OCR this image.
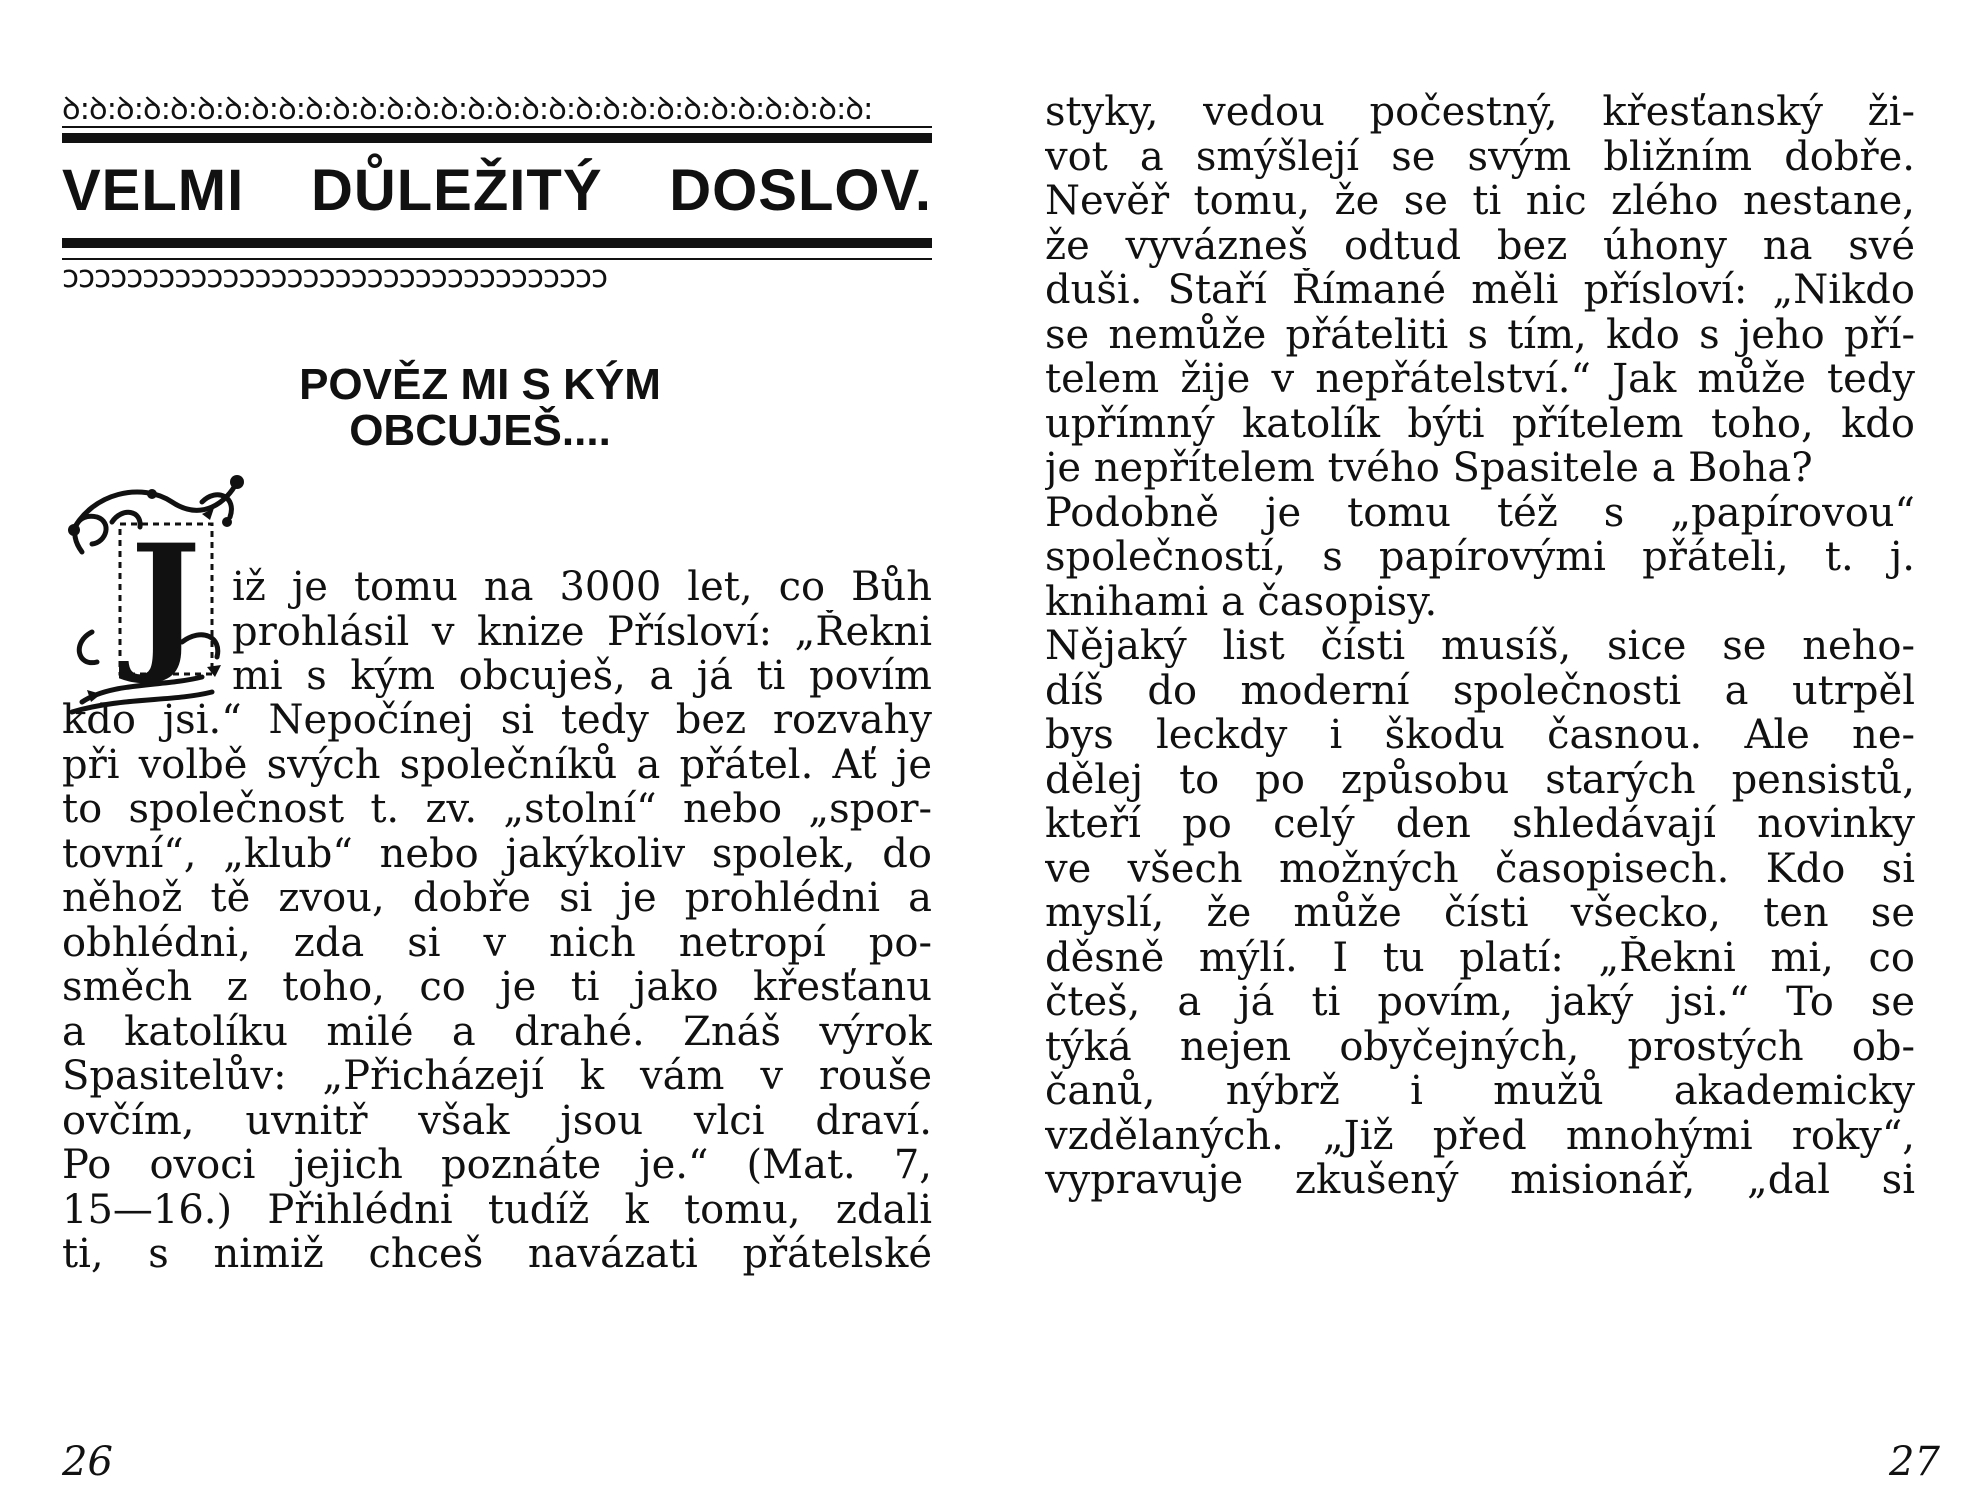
ꝺ꞉ꝺ꞉ꝺ꞉ꝺ꞉ꝺ꞉ꝺ꞉ꝺ꞉ꝺ꞉ꝺ꞉ꝺ꞉ꝺ꞉ꝺ꞉ꝺ꞉ꝺ꞉ꝺ꞉ꝺ꞉ꝺ꞉ꝺ꞉ꝺ꞉ꝺ꞉ꝺ꞉ꝺ꞉ꝺ꞉ꝺ꞉ꝺ꞉ꝺ꞉ꝺ꞉ꝺ꞉ꝺ꞉ꝺ꞉
VELMI DŮLEŽITÝ DOSLOV.
ↄↄↄↄↄↄↄↄↄↄↄↄↄↄↄↄↄↄↄↄↄↄↄↄↄↄↄↄↄↄↄↄↄↄ
POVĚZ MI S KÝM
OBCUJEŠ....
J iž je tomu na 3000 let, co Bůh
prohlásil v knize Přísloví: „Řekni
mi s kým obcuješ, a já ti povím
kdo jsi.“ Nepočínej si tedy bez rozvahy
při volbě svých společníků a přátel. Ať je
to společnost t. zv. „stolní“ nebo „spor-
tovní“, „klub“ nebo jakýkoliv spolek, do
něhož tě zvou, dobře si je prohlédni a
obhlédni, zda si v nich netropí po-
směch z toho, co je ti jako křesťanu
a katolíku milé a drahé. Znáš výrok
Spasitelův: „Přicházejí k vám v rouše
ovčím, uvnitř však jsou vlci draví.
Po ovoci jejich poznáte je.“ (Mat. 7,
15—16.) Přihlédni tudíž k tomu, zdali
ti, s nimiž chceš navázati přátelské
26
styky, vedou počestný, křesťanský ži-
vot a smýšlejí se svým bližním dobře.
Nevěř tomu, že se ti nic zlého nestane,
že vyvázneš odtud bez úhony na své
duši. Staří Římané měli přísloví: „Nikdo
se nemůže přáteliti s tím, kdo s jeho pří-
telem žije v nepřátelství.“ Jak může tedy
upřímný katolík býti přítelem toho, kdo
je nepřítelem tvého Spasitele a Boha?
Podobně je tomu též s „papírovou“
společností, s papírovými přáteli, t. j.
knihami a časopisy.
Nějaký list čísti musíš, sice se neho-
díš do moderní společnosti a utrpěl
bys leckdy i škodu časnou. Ale ne-
dělej to po způsobu starých pensistů,
kteří po celý den shledávají novinky
ve všech možných časopisech. Kdo si
myslí, že může čísti všecko, ten se
děsně mýlí. I tu platí: „Řekni mi, co
čteš, a já ti povím, jaký jsi.“ To se
týká nejen obyčejných, prostých ob-
čanů, nýbrž i mužů akademicky
vzdělaných. „Již před mnohými roky“,
vypravuje zkušený misionář, „dal si
27
